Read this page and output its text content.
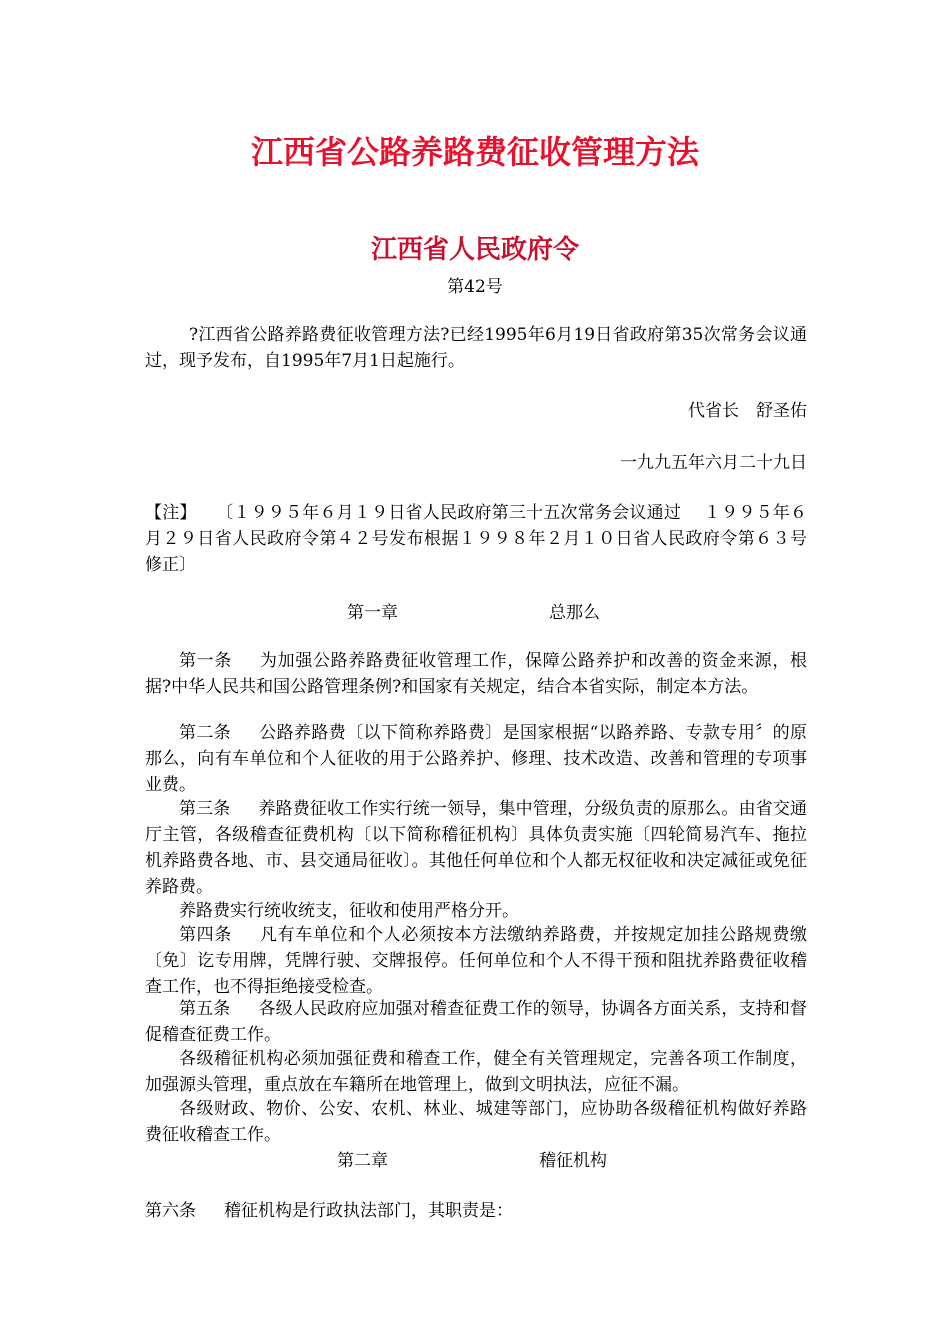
江西省公路养路费征收管理方法
江西省人民政府令

第42号

?江西省公路养路费征收管理方法?已经1995年6月19日省政府第35次常务会议通过，现予发布，自1995年7月1日起施行。

代省长　舒圣佑

一九九五年六月二十九日

【注】 〔１９９５年６月１９日省人民政府第三十五次常务会议通过　 １９９５年６月２９日省人民政府令第４２号发布根据１９９８年２月１０日省人民政府令第６３号修正〕

第一章	总那么

第一条 为加强公路养路费征收管理工作，保障公路养护和改善的资金来源，根据?中华人民共和国公路管理条例?和国家有关规定，结合本省实际，制定本方法。

第二条 公路养路费〔以下简称养路费〕是国家根据“以路养路、专款专用〞的原那么，向有车单位和个人征收的用于公路养护、修理、技术改造、改善和管理的专项事业费。

第三条 养路费征收工作实行统一领导，集中管理，分级负责的原那么。由省交通厅主管，各级稽查征费机构〔以下简称稽征机构〕具体负责实施〔四轮简易汽车、拖拉机养路费各地、市、县交通局征收〕。其他任何单位和个人都无权征收和决定减征或免征养路费。

养路费实行统收统支，征收和使用严格分开。

第四条 凡有车单位和个人必须按本方法缴纳养路费，并按规定加挂公路规费缴〔免〕讫专用牌，凭牌行驶、交牌报停。任何单位和个人不得干预和阻扰养路费征收稽查工作，也不得拒绝接受检查。

第五条 各级人民政府应加强对稽查征费工作的领导，协调各方面关系，支持和督促稽查征费工作。

各级稽征机构必须加强征费和稽查工作，健全有关管理规定，完善各项工作制度，加强源头管理，重点放在车籍所在地管理上，做到文明执法，应征不漏。

各级财政、物价、公安、农机、林业、城建等部门，应协助各级稽征机构做好养路费征收稽查工作。

第二章	稽征机构

第六条 稽征机构是行政执法部门，其职责是：
